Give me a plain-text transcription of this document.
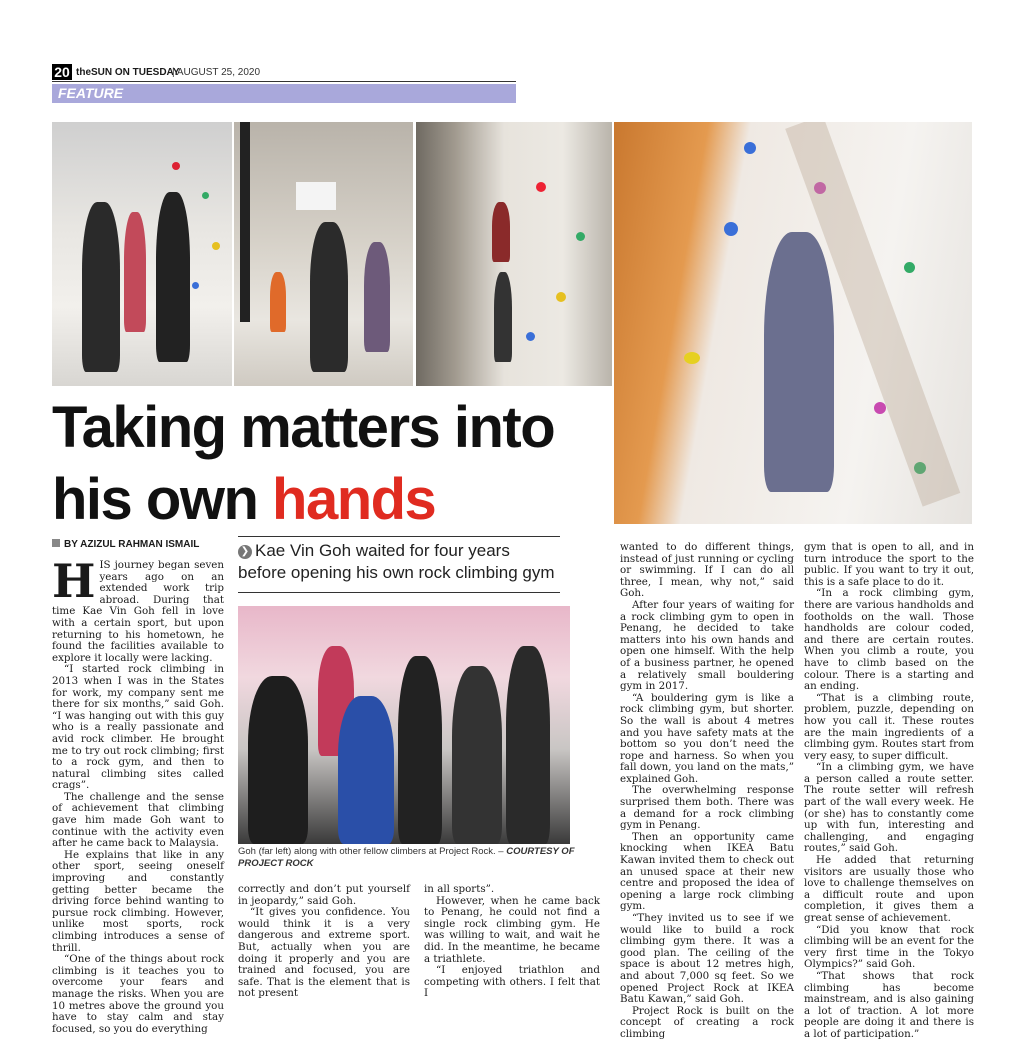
20 theSUN ON TUESDAY
| AUGUST 25, 2020
FEATURE
Taking matters into
his own hands
BY AZIZUL RAHMAN ISMAIL
❯ Kae Vin Goh waited for four years before opening his own rock climbing gym
Goh (far left) along with other fellow climbers at Project Rock. – COURTESY OF PROJECT ROCK

HIS journey began seven years ago on an extended work trip abroad. During that time Kae Vin Goh fell in love with a certain sport, but upon returning to his hometown, he found the facilities available to explore it locally were lacking.

“I started rock climbing in 2013 when I was in the States for work, my company sent me there for six months,” said Goh. “I was hanging out with this guy who is a really passionate and avid rock climber. He brought me to try out rock climbing; first to a rock gym, and then to natural climbing sites called crags”.

The challenge and the sense of achievement that climbing gave him made Goh want to continue with the activity even after he came back to Malaysia.

He explains that like in any other sport, seeing oneself improving and constantly getting better became the driving force behind wanting to pursue rock climbing. However, unlike most sports, rock climbing introduces a sense of thrill.

“One of the things about rock climbing is it teaches you to overcome your fears and manage the risks. When you are 10 metres above the ground you have to stay calm and stay focused, so you do everything

correctly and don’t put yourself in jeopardy,” said Goh.

“It gives you confidence. You would think it is a very dangerous and extreme sport. But, actually when you are doing it properly and you are trained and focused, you are safe. That is the element that is not present

in all sports”.

However, when he came back to Penang, he could not find a single rock climbing gym. He was willing to wait, and wait he did. In the meantime, he became a triathlete.

“I enjoyed triathlon and competing with others. I felt that I

wanted to do different things, instead of just running or cycling or swimming. If I can do all three, I mean, why not,” said Goh.

After four years of waiting for a rock climbing gym to open in Penang, he decided to take matters into his own hands and open one himself. With the help of a business partner, he opened a relatively small bouldering gym in 2017.

“A bouldering gym is like a rock climbing gym, but shorter. So the wall is about 4 metres and you have safety mats at the bottom so you don’t need the rope and harness. So when you fall down, you land on the mats,” explained Goh.

The overwhelming response surprised them both. There was a demand for a rock climbing gym in Penang.

Then an opportunity came knocking when IKEA Batu Kawan invited them to check out an unused space at their new centre and proposed the idea of opening a large rock climbing gym.

“They invited us to see if we would like to build a rock climbing gym there. It was a good plan. The ceiling of the space is about 12 metres high, and about 7,000 sq feet. So we opened Project Rock at IKEA Batu Kawan,” said Goh.

Project Rock is built on the concept of creating a rock climbing

gym that is open to all, and in turn introduce the sport to the public. If you want to try it out, this is a safe place to do it.

“In a rock climbing gym, there are various handholds and footholds on the wall. Those handholds are colour coded, and there are certain routes. When you climb a route, you have to climb based on the colour. There is a starting and an ending.

“That is a climbing route, problem, puzzle, depending on how you call it. These routes are the main ingredients of a climbing gym. Routes start from very easy, to super difficult.

“In a climbing gym, we have a person called a route setter. The route setter will refresh part of the wall every week. He (or she) has to constantly come up with fun, interesting and challenging, and engaging routes,” said Goh.

He added that returning visitors are usually those who love to challenge themselves on a difficult route and upon completion, it gives them a great sense of achievement.

“Did you know that rock climbing will be an event for the very first time in the Tokyo Olympics?” said Goh.

“That shows that rock climbing has become mainstream, and is also gaining a lot of traction. A lot more people are doing it and there is a lot of participation.”
